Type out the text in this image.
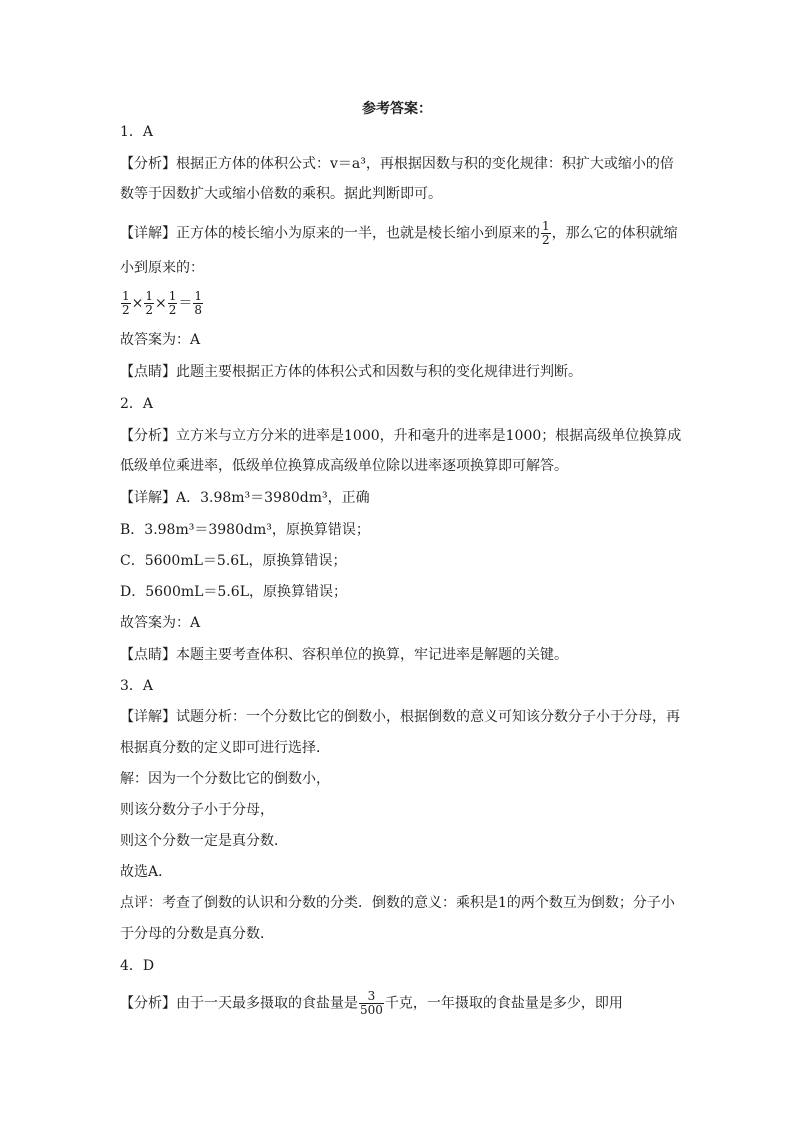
参考答案：
1．A
【分析】根据正方体的体积公式：v＝a³，再根据因数与积的变化规律：积扩大或缩小的倍
数等于因数扩大或缩小倍数的乘积。据此判断即可。
【详解】正方体的棱长缩小为原来的一半，也就是棱长缩小到原来的 $\frac{1}{2}$ ，那么它的体积就缩
小到原来的：
$\frac{1}{2} \times \frac{1}{2} \times \frac{1}{2} = \frac{1}{8}$
故答案为：A
【点睛】此题主要根据正方体的体积公式和因数与积的变化规律进行判断。
2．A
【分析】立方米与立方分米的进率是1000，升和毫升的进率是1000；根据高级单位换算成
低级单位乘进率，低级单位换算成高级单位除以进率逐项换算即可解答。
【详解】A．3.98m³＝3980dm³，正确
B．3.98m³＝3980dm³，原换算错误；
C．5600mL＝5.6L，原换算错误；
D．5600mL＝5.6L，原换算错误；
故答案为：A
【点睛】本题主要考查体积、容积单位的换算，牢记进率是解题的关键。
3．A
【详解】试题分析：一个分数比它的倒数小，根据倒数的意义可知该分数分子小于分母，再
根据真分数的定义即可进行选择．
解：因为一个分数比它的倒数小，
则该分数分子小于分母，
则这个分数一定是真分数．
故选A．
点评：考查了倒数的认识和分数的分类．倒数的意义：乘积是1的两个数互为倒数；分子小
于分母的分数是真分数．
4．D
【分析】由于一天最多摄取的食盐量是 $\frac{3}{500}$ 千克，一年摄取的食盐量是多少，即用
